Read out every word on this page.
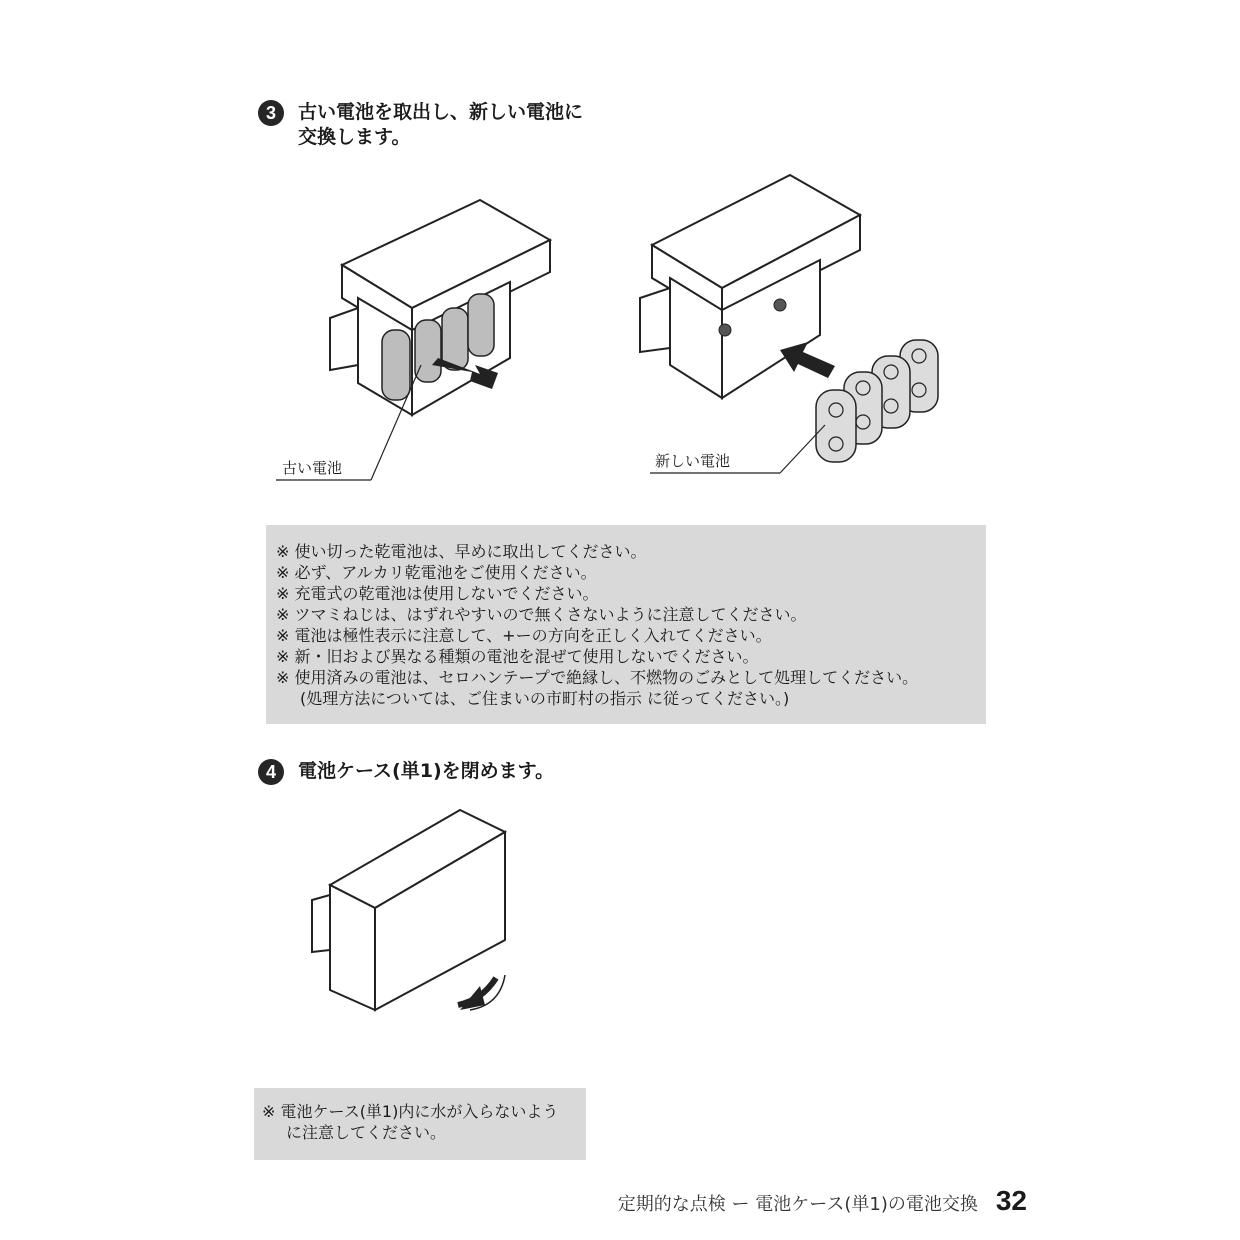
3	古い電池を取出し、新しい電池に
交換します。
古い電池	新しい電池
※ 使い切った乾電池は、早めに取出してください。
※ 必ず、アルカリ乾電池をご使用ください。
※ 充電式の乾電池は使用しないでください。
※ ツマミねじは、はずれやすいので無くさないように注意してください。
※ 電池は極性表示に注意して、+ーの方向を正しく入れてください。
※ 新・旧および異なる種類の電池を混ぜて使用しないでください。
※ 使用済みの電池は、セロハンテープで絶縁し、不燃物のごみとして処理してください。
(処理方法については、ご住まいの市町村の指示 に従ってください。)
4	電池ケース(単1)を閉めます。
※ 電池ケース(単1)内に水が入らないよう
に注意してください。
定期的な点検 ー 電池ケース(単1)の電池交換 32
